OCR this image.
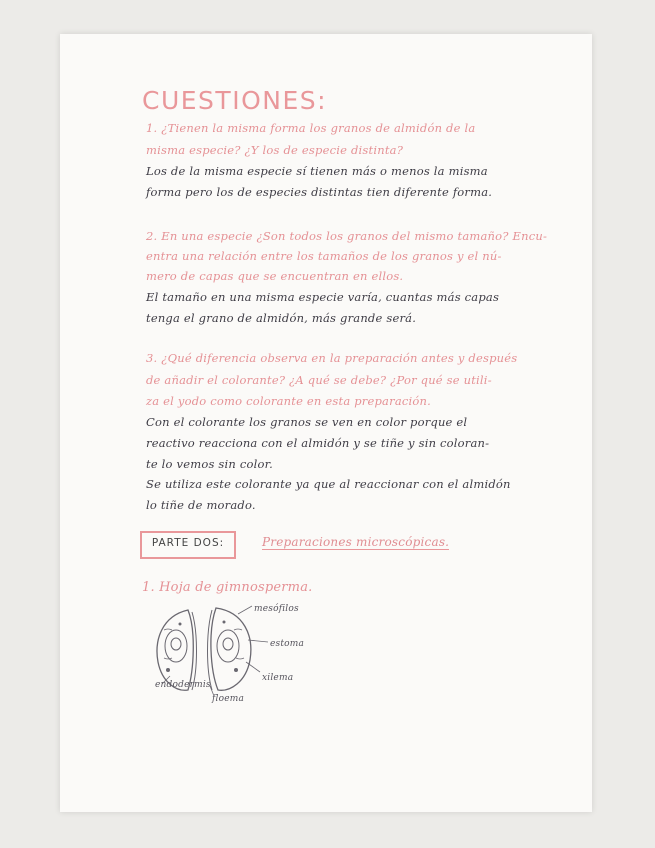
CUESTIONES:
1. ¿Tienen la misma forma los granos de almidón de la
misma especie? ¿Y los de especie distinta?
Los de la misma especie sí tienen más o menos la misma
forma pero los de especies distintas tien diferente forma.
2. En una especie ¿Son todos los granos del mismo tamaño? Encu-
entra una relación entre los tamaños de los granos y el nú-
mero de capas que se encuentran en ellos.
El tamaño en una misma especie varía, cuantas más capas
tenga el grano de almidón, más grande será.
3. ¿Qué diferencia observa en la preparación antes y después
de añadir el colorante? ¿A qué se debe? ¿Por qué se utili-
za el yodo como colorante en esta preparación.
Con el colorante los granos se ven en color porque el
reactivo reacciona con el almidón y se tiñe y sin coloran-
te lo vemos sin color.
Se utiliza este colorante ya que al reaccionar con el almidón
lo tiñe de morado.
PARTE DOS:	Preparaciones microscópicas.
1. Hoja de gimnosperma.
mesófilos
estoma
xilema
endodermis
floema
